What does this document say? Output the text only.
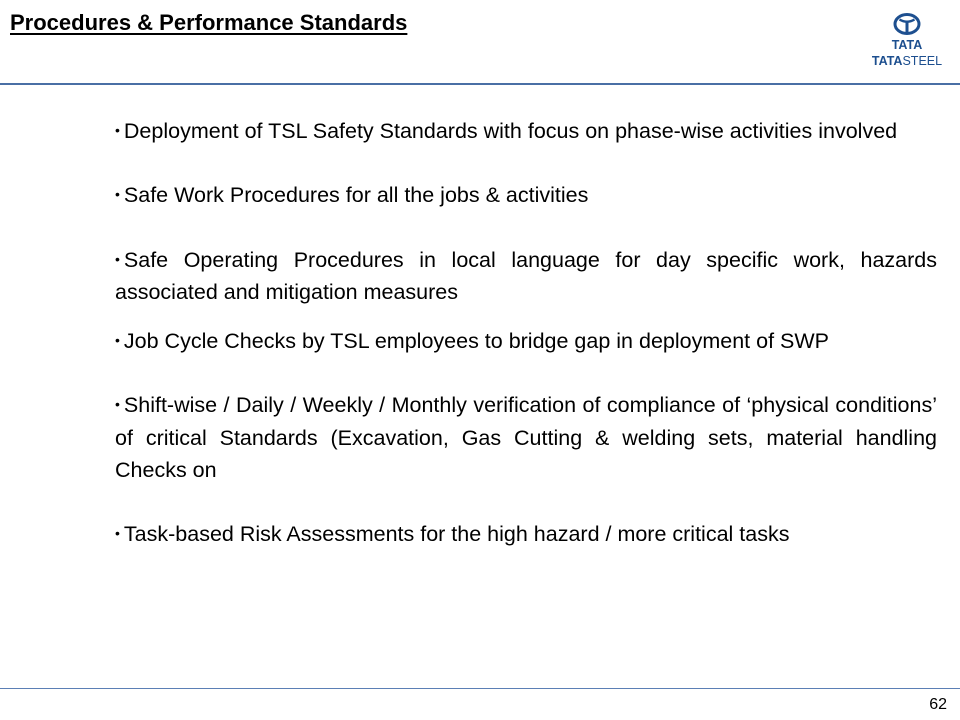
Procedures & Performance Standards
TATA
TATASTEEL
• Deployment of TSL Safety Standards with focus on phase-wise activities involved
• Safe Work Procedures for all the jobs & activities
• Safe Operating Procedures in local language for day specific work, hazards associated and mitigation measures
• Job Cycle Checks by TSL employees to bridge gap in deployment of SWP
• Shift-wise / Daily / Weekly / Monthly verification of compliance of ‘physical conditions’ of critical Standards (Excavation, Gas Cutting & welding sets, material handling Checks on
• Task-based Risk Assessments for the high hazard / more critical tasks
62
